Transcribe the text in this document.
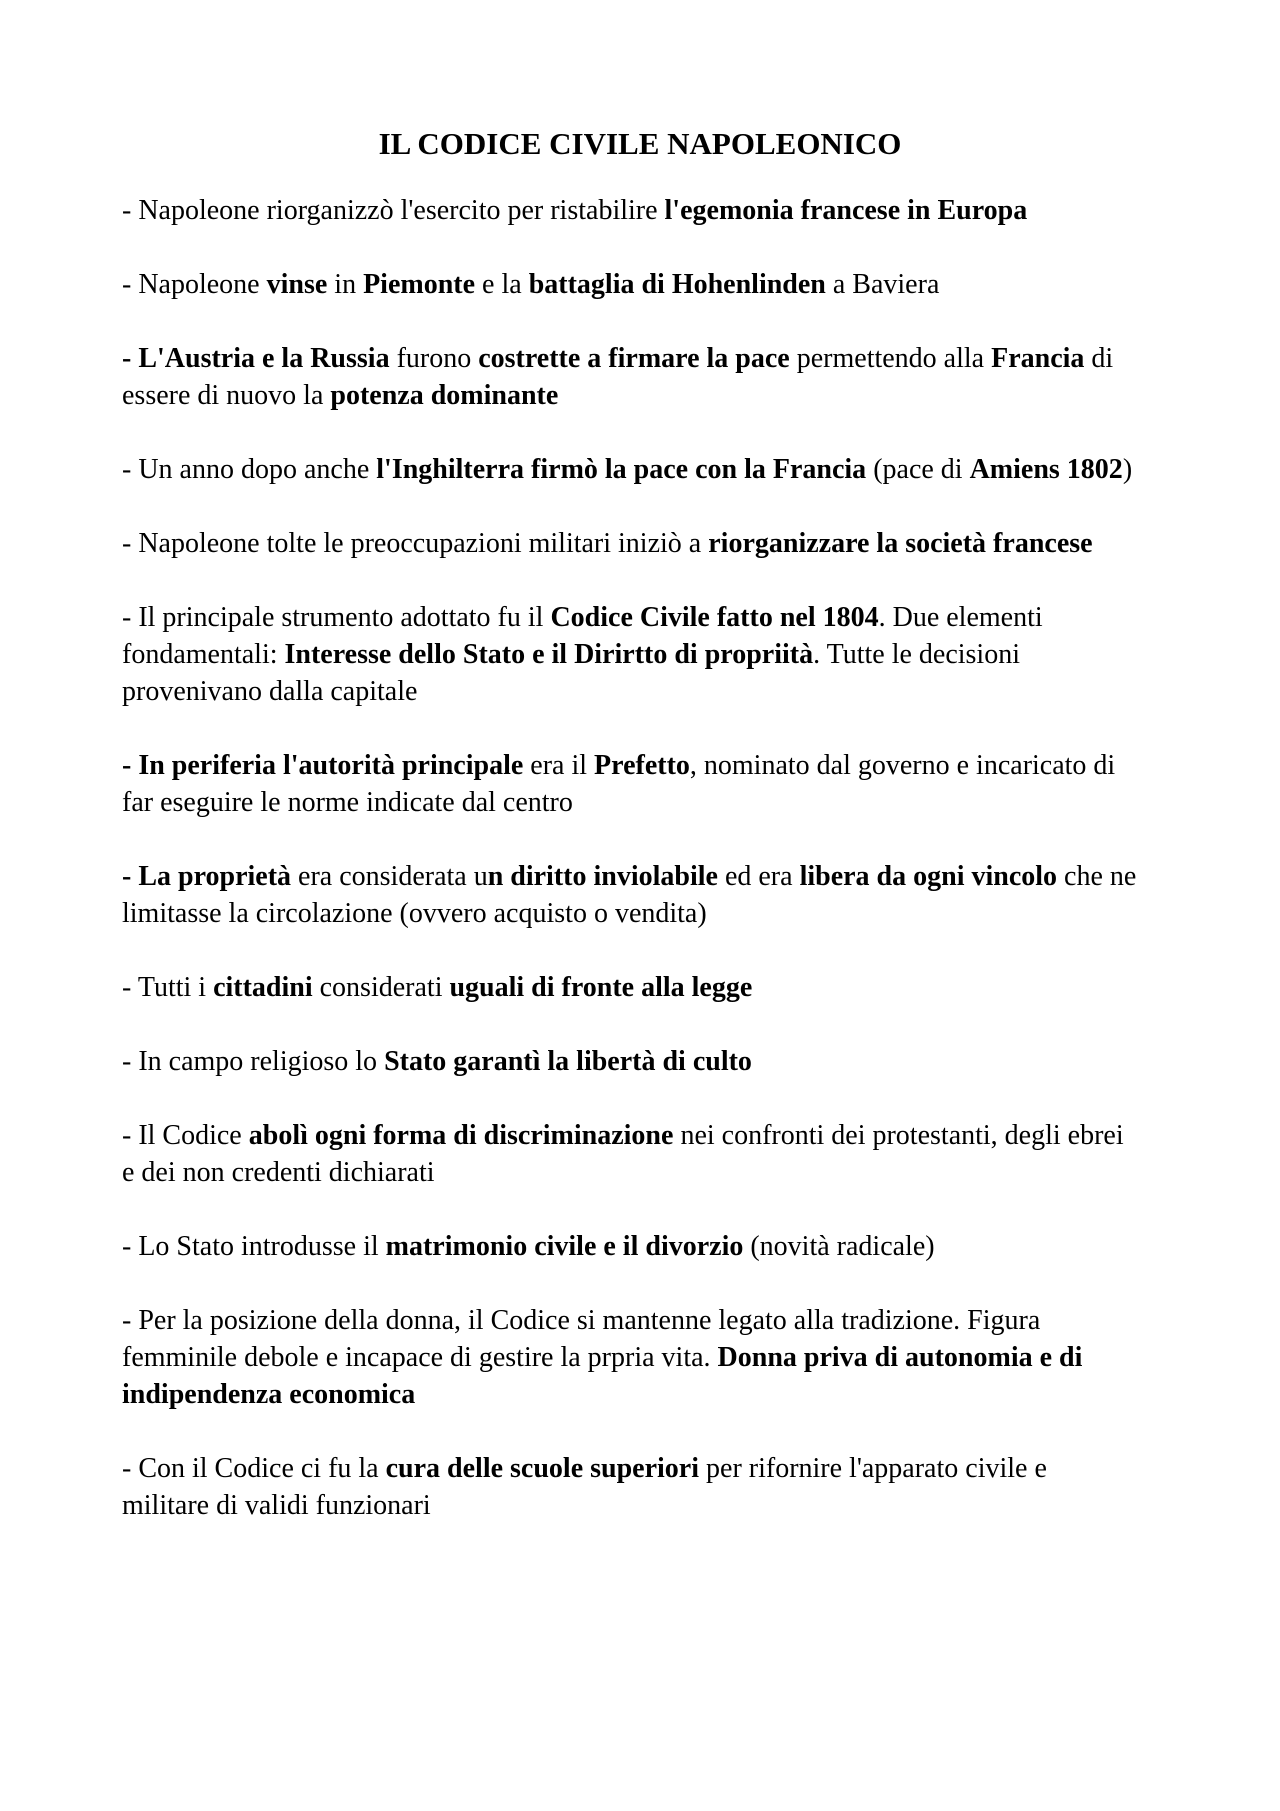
IL CODICE CIVILE NAPOLEONICO

- Napoleone riorganizzò l'esercito per ristabilire l'egemonia francese in Europa

- Napoleone vinse in Piemonte e la battaglia di Hohenlinden a Baviera

- L'Austria e la Russia furono costrette a firmare la pace permettendo alla Francia di essere di nuovo la potenza dominante

- Un anno dopo anche l'Inghilterra firmò la pace con la Francia (pace di Amiens 1802)

- Napoleone tolte le preoccupazioni militari iniziò a riorganizzare la società francese

- Il principale strumento adottato fu il Codice Civile fatto nel 1804. Due elementi fondamentali: Interesse dello Stato e il Dirirtto di propriità. Tutte le decisioni provenivano dalla capitale

- In periferia l'autorità principale era il Prefetto, nominato dal governo e incaricato di far eseguire le norme indicate dal centro

- La proprietà era considerata un diritto inviolabile ed era libera da ogni vincolo che ne limitasse la circolazione (ovvero acquisto o vendita)

- Tutti i cittadini considerati uguali di fronte alla legge

- In campo religioso lo Stato garantì la libertà di culto

- Il Codice abolì ogni forma di discriminazione nei confronti dei protestanti, degli ebrei e dei non credenti dichiarati

- Lo Stato introdusse il matrimonio civile e il divorzio (novità radicale)

- Per la posizione della donna, il Codice si mantenne legato alla tradizione. Figura femminile debole e incapace di gestire la prpria vita. Donna priva di autonomia e di indipendenza economica

- Con il Codice ci fu la cura delle scuole superiori per rifornire l'apparato civile e militare di validi funzionari
